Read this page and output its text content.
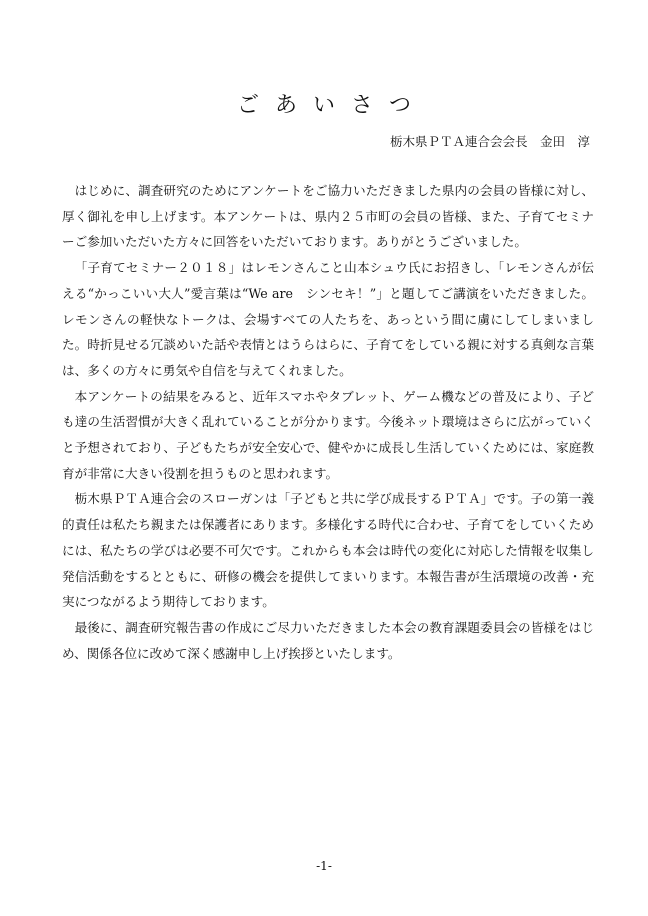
ごあいさつ
栃木県ＰＴＡ連合会会長　金田　淳

はじめに、調査研究のためにアンケートをご協力いただきました県内の会員の皆様に対し、厚く御礼を申し上げます。本アンケートは、県内２５市町の会員の皆様、また、子育てセミナーご参加いただいた方々に回答をいただいております。ありがとうございました。

「子育てセミナー２０１８」はレモンさんこと山本シュウ氏にお招きし、「レモンさんが伝える“かっこいい大人”愛言葉は“We are　シンセキ！”」と題してご講演をいただきました。レモンさんの軽快なトークは、会場すべての人たちを、あっという間に虜にしてしまいました。時折見せる冗談めいた話や表情とはうらはらに、子育てをしている親に対する真剣な言葉は、多くの方々に勇気や自信を与えてくれました。

本アンケートの結果をみると、近年スマホやタブレット、ゲーム機などの普及により、子ども達の生活習慣が大きく乱れていることが分かります。今後ネット環境はさらに広がっていくと予想されており、子どもたちが安全安心で、健やかに成長し生活していくためには、家庭教育が非常に大きい役割を担うものと思われます。

栃木県ＰＴＡ連合会のスローガンは「子どもと共に学び成長するＰＴＡ」です。子の第一義的責任は私たち親または保護者にあります。多様化する時代に合わせ、子育てをしていくためには、私たちの学びは必要不可欠です。これからも本会は時代の変化に対応した情報を収集し発信活動をするとともに、研修の機会を提供してまいります。本報告書が生活環境の改善・充実につながるよう期待しております。

最後に、調査研究報告書の作成にご尽力いただきました本会の教育課題委員会の皆様をはじめ、関係各位に改めて深く感謝申し上げ挨拶といたします。

-1-
